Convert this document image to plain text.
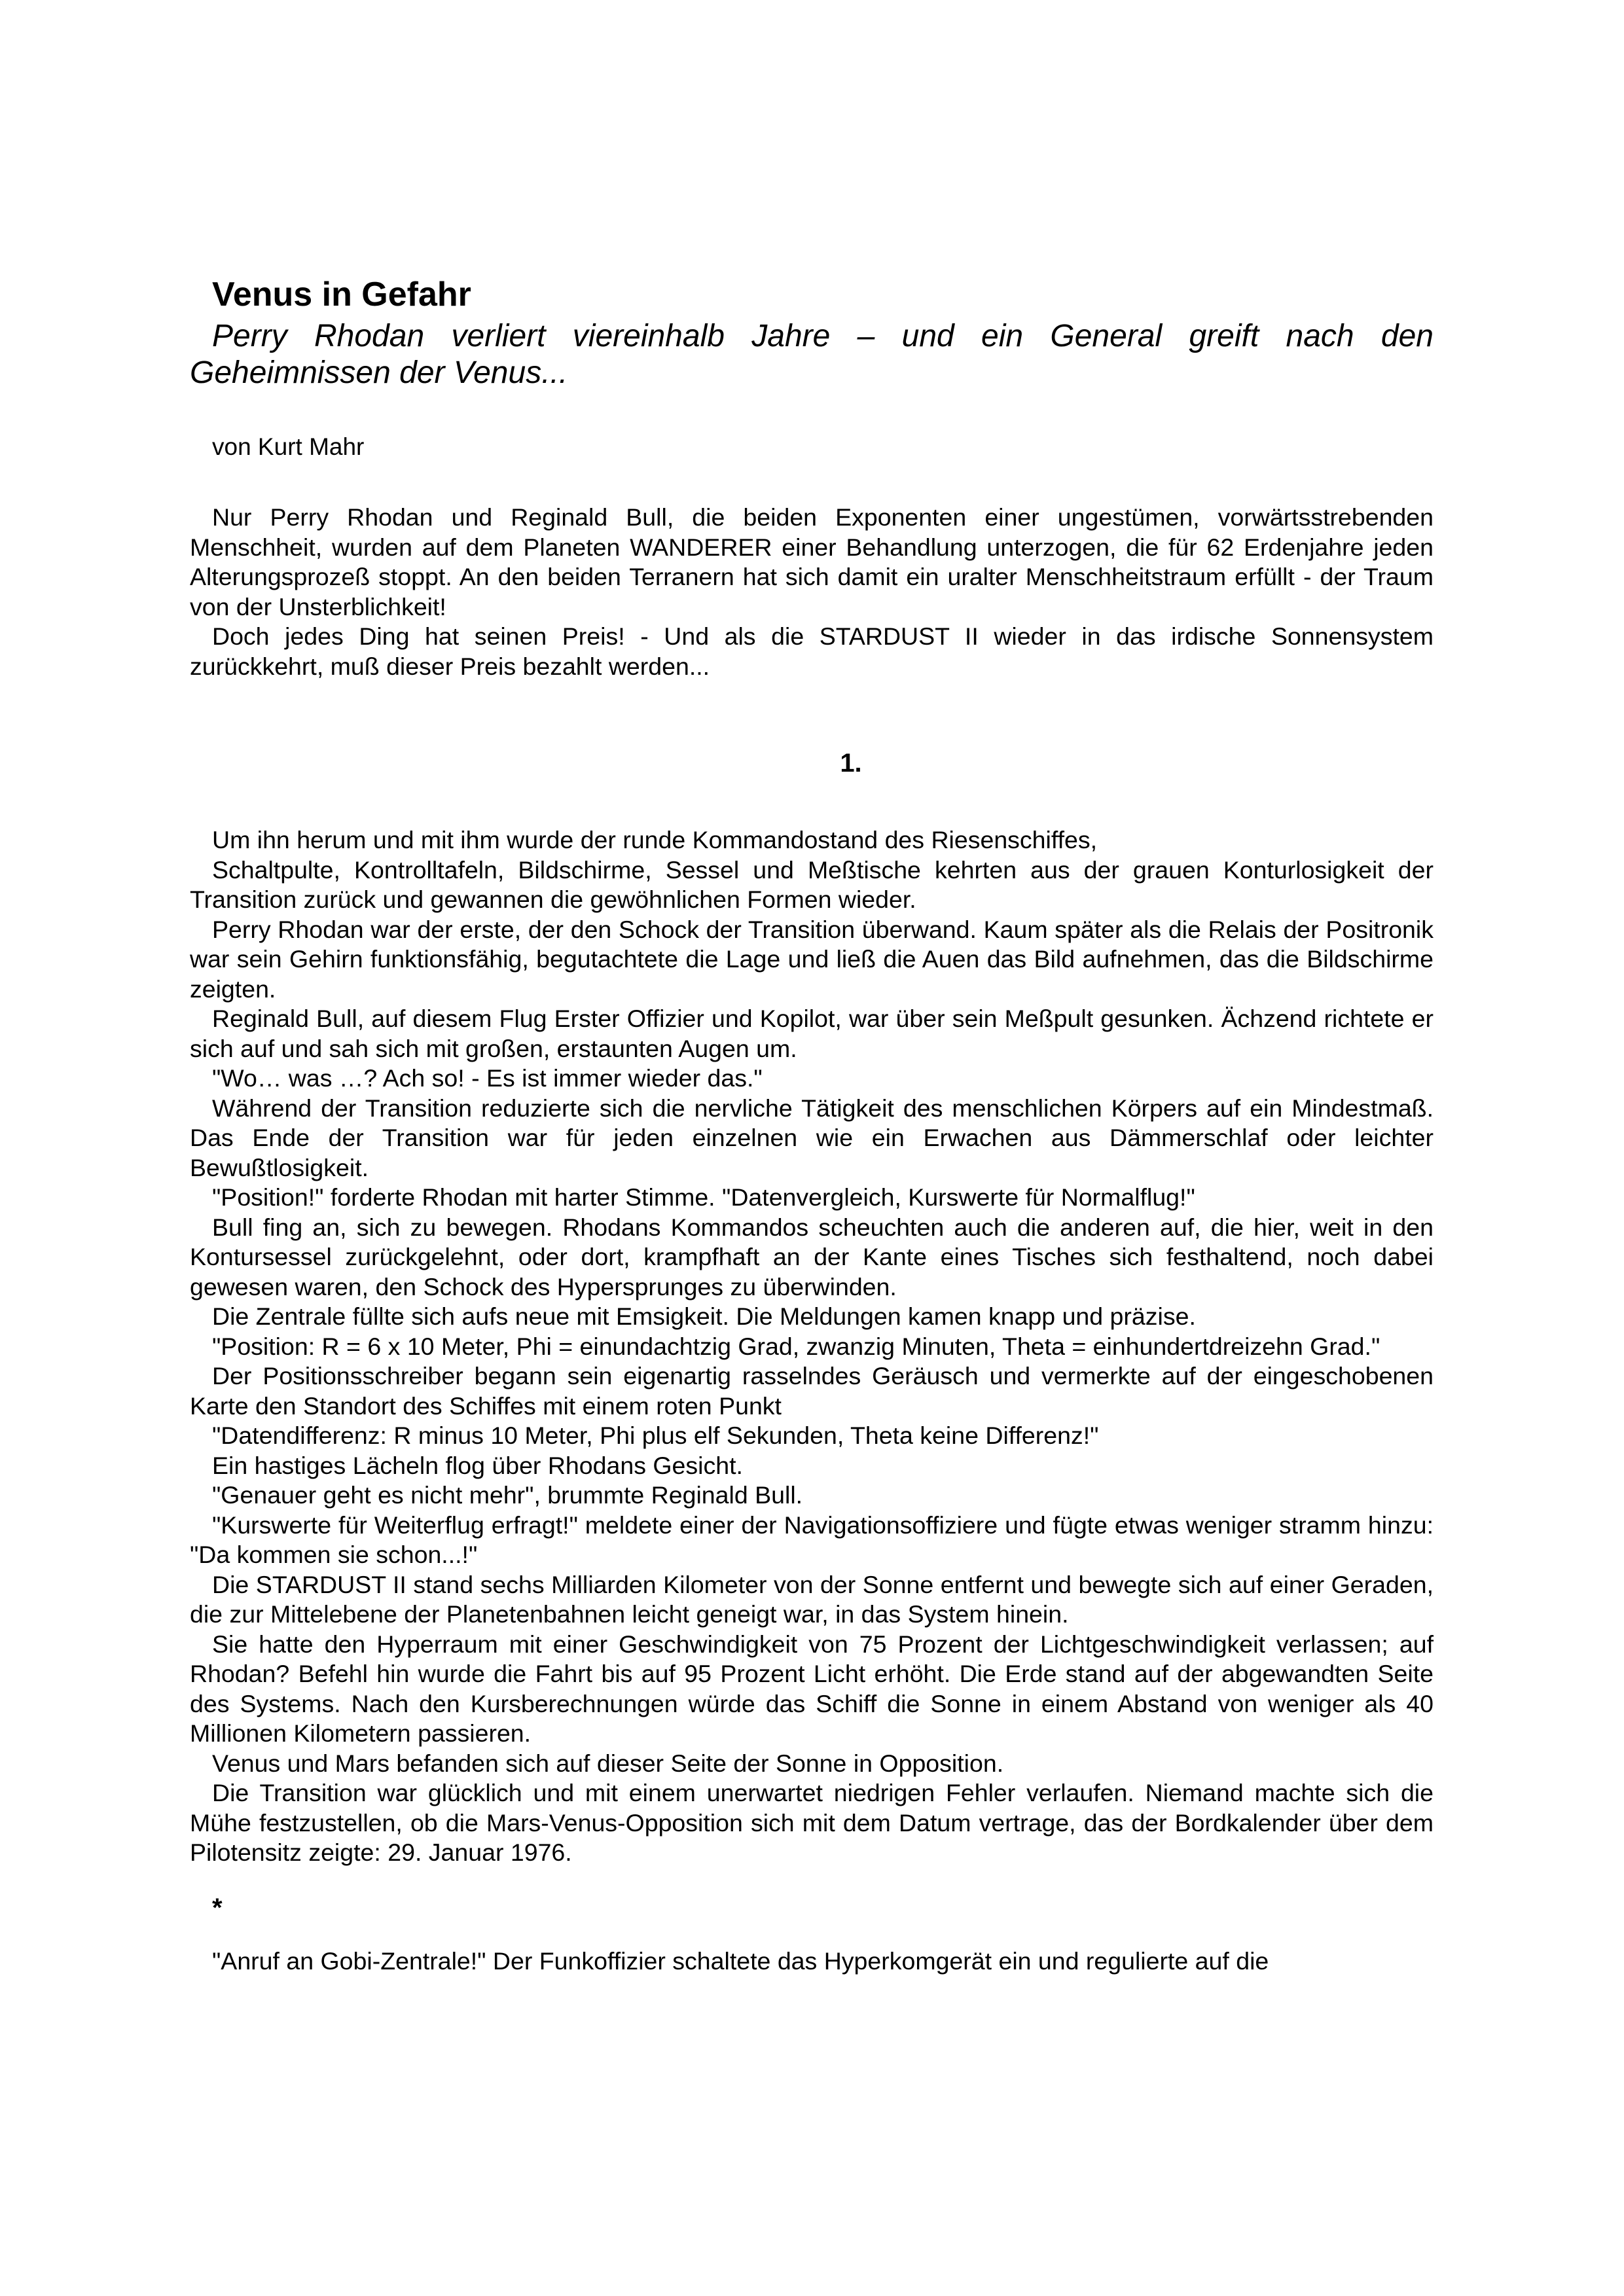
Venus in Gefahr

Perry Rhodan verliert viereinhalb Jahre – und ein General greift nach den Geheimnissen der Venus...

von Kurt Mahr

Nur Perry Rhodan und Reginald Bull, die beiden Exponenten einer ungestümen, vorwärtsstrebenden Menschheit, wurden auf dem Planeten WANDERER einer Behandlung unterzogen, die für 62 Erdenjahre jeden Alterungsprozeß stoppt. An den beiden Terranern hat sich damit ein uralter Menschheitstraum erfüllt - der Traum von der Unsterblichkeit!

Doch jedes Ding hat seinen Preis! - Und als die STARDUST II wieder in das irdische Sonnensystem zurückkehrt, muß dieser Preis bezahlt werden...

1.

Um ihn herum und mit ihm wurde der runde Kommandostand des Riesenschiffes,

Schaltpulte, Kontrolltafeln, Bildschirme, Sessel und Meßtische kehrten aus der grauen Konturlosigkeit der Transition zurück und gewannen die gewöhnlichen Formen wieder.

Perry Rhodan war der erste, der den Schock der Transition überwand. Kaum später als die Relais der Positronik war sein Gehirn funktionsfähig, begutachtete die Lage und ließ die Auen das Bild aufnehmen, das die Bildschirme zeigten.

Reginald Bull, auf diesem Flug Erster Offizier und Kopilot, war über sein Meßpult gesunken. Ächzend richtete er sich auf und sah sich mit großen, erstaunten Augen um.

"Wo… was …? Ach so! - Es ist immer wieder das."

Während der Transition reduzierte sich die nervliche Tätigkeit des menschlichen Körpers auf ein Mindestmaß. Das Ende der Transition war für jeden einzelnen wie ein Erwachen aus Dämmerschlaf oder leichter Bewußtlosigkeit.

"Position!" forderte Rhodan mit harter Stimme. "Datenvergleich, Kurswerte für Normalflug!"

Bull fing an, sich zu bewegen. Rhodans Kommandos scheuchten auch die anderen auf, die hier, weit in den Kontursessel zurückgelehnt, oder dort, krampfhaft an der Kante eines Tisches sich festhaltend, noch dabei gewesen waren, den Schock des Hypersprunges zu überwinden.

Die Zentrale füllte sich aufs neue mit Emsigkeit. Die Meldungen kamen knapp und präzise.

"Position: R = 6 x 10 Meter, Phi = einundachtzig Grad, zwanzig Minuten, Theta = einhundertdreizehn Grad."

Der Positionsschreiber begann sein eigenartig rasselndes Geräusch und vermerkte auf der eingeschobenen Karte den Standort des Schiffes mit einem roten Punkt

"Datendifferenz: R minus 10 Meter, Phi plus elf Sekunden, Theta keine Differenz!"

Ein hastiges Lächeln flog über Rhodans Gesicht.

"Genauer geht es nicht mehr", brummte Reginald Bull.

"Kurswerte für Weiterflug erfragt!" meldete einer der Navigationsoffiziere und fügte etwas weniger stramm hinzu: "Da kommen sie schon...!"

Die STARDUST II stand sechs Milliarden Kilometer von der Sonne entfernt und bewegte sich auf einer Geraden, die zur Mittelebene der Planetenbahnen leicht geneigt war, in das System hinein.

Sie hatte den Hyperraum mit einer Geschwindigkeit von 75 Prozent der Lichtgeschwindigkeit verlassen; auf Rhodan? Befehl hin wurde die Fahrt bis auf 95 Prozent Licht erhöht. Die Erde stand auf der abgewandten Seite des Systems. Nach den Kursberechnungen würde das Schiff die Sonne in einem Abstand von weniger als 40 Millionen Kilometern passieren.

Venus und Mars befanden sich auf dieser Seite der Sonne in Opposition.

Die Transition war glücklich und mit einem unerwartet niedrigen Fehler verlaufen. Niemand machte sich die Mühe festzustellen, ob die Mars-Venus-Opposition sich mit dem Datum vertrage, das der Bordkalender über dem Pilotensitz zeigte: 29. Januar 1976.

*

"Anruf an Gobi-Zentrale!" Der Funkoffizier schaltete das Hyperkomgerät ein und regulierte auf die
